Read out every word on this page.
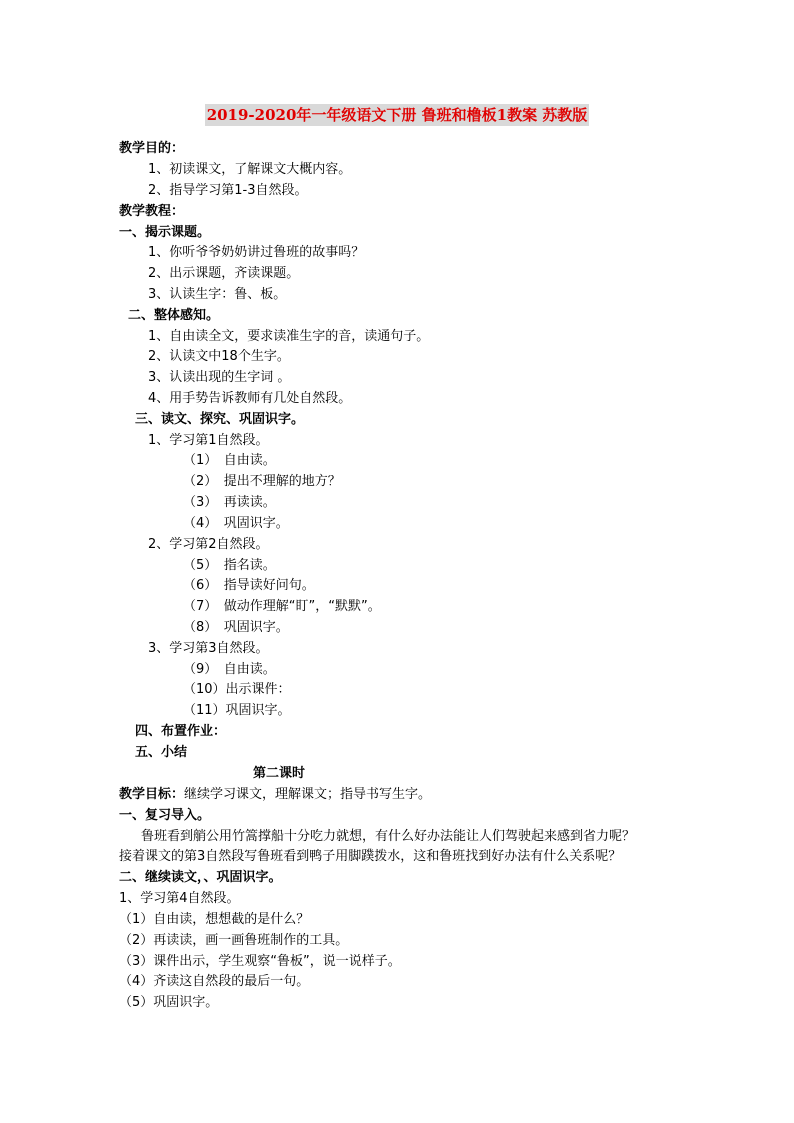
2019-2020年一年级语文下册 鲁班和橹板1教案 苏教版
教学目的：
1、初读课文，了解课文大概内容。
2、指导学习第1-3自然段。
教学教程：
一、揭示课题。
1、你听爷爷奶奶讲过鲁班的故事吗？
2、出示课题，齐读课题。
3、认读生字：鲁、板。
二、整体感知。
1、自由读全文，要求读准生字的音，读通句子。
2、认读文中18个生字。
3、认读出现的生字词 。
4、用手势告诉教师有几处自然段。
三、读文、探究、巩固识字。
1、学习第1自然段。
（1）　自由读。
（2）　提出不理解的地方？
（3）　再读读。
（4）　巩固识字。
2、学习第2自然段。
（5）　指名读。
（6）　指导读好问句。
（7）　做动作理解“盯”，“默默”。
（8）　巩固识字。
3、学习第3自然段。
（9）　自由读。
（10）出示课件：
（11）巩固识字。
四、布置作业：
五、小结
第二课时
教学目标：继续学习课文，理解课文；指导书写生字。
一、复习导入。
鲁班看到艄公用竹篙撑船十分吃力就想，有什么好办法能让人们驾驶起来感到省力呢？
接着课文的第3自然段写鲁班看到鸭子用脚蹼拨水，这和鲁班找到好办法有什么关系呢？
二、继续读文，、巩固识字。
1、学习第4自然段。
（1）自由读，想想截的是什么？
（2）再读读，画一画鲁班制作的工具。
（3）课件出示，学生观察“鲁板”，说一说样子。
（4）齐读这自然段的最后一句。
（5）巩固识字。
